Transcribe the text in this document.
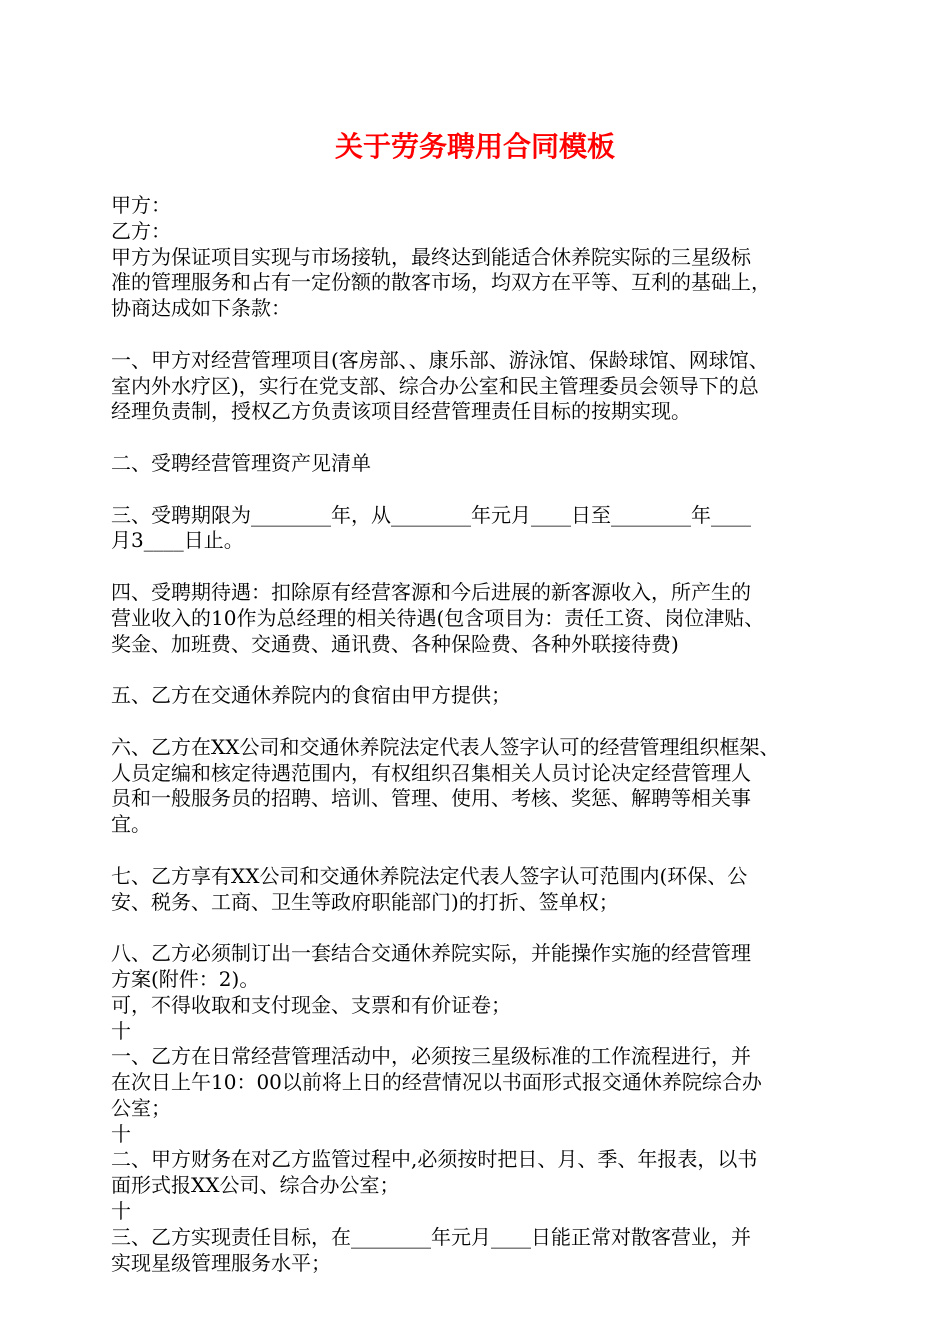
关于劳务聘用合同模板
甲方：
乙方：
甲方为保证项目实现与市场接轨，最终达到能适合休养院实际的三星级标
准的管理服务和占有一定份额的散客市场，均双方在平等、互利的基础上，
协商达成如下条款：
一、甲方对经营管理项目(客房部、、康乐部、游泳馆、保龄球馆、网球馆、
室内外水疗区)，实行在党支部、综合办公室和民主管理委员会领导下的总
经理负责制，授权乙方负责该项目经营管理责任目标的按期实现。
二、受聘经营管理资产见清单
三、受聘期限为________年，从________年元月____日至________年____
月3____日止。
四、受聘期待遇：扣除原有经营客源和今后进展的新客源收入，所产生的
营业收入的10作为总经理的相关待遇(包含项目为：责任工资、岗位津贴、
奖金、加班费、交通费、通讯费、各种保险费、各种外联接待费)
五、乙方在交通休养院内的食宿由甲方提供；
六、乙方在XX公司和交通休养院法定代表人签字认可的经营管理组织框架、
人员定编和核定待遇范围内，有权组织召集相关人员讨论决定经营管理人
员和一般服务员的招聘、培训、管理、使用、考核、奖惩、解聘等相关事
宜。
七、乙方享有XX公司和交通休养院法定代表人签字认可范围内(环保、公
安、税务、工商、卫生等政府职能部门)的打折、签单权；
八、乙方必须制订出一套结合交通休养院实际，并能操作实施的经营管理
方案(附件：2)。
可，不得收取和支付现金、支票和有价证卷；
十
一、乙方在日常经营管理活动中，必须按三星级标准的工作流程进行，并
在次日上午10：00以前将上日的经营情况以书面形式报交通休养院综合办
公室；
十
二、甲方财务在对乙方监管过程中,必须按时把日、月、季、年报表，以书
面形式报XX公司、综合办公室；
十
三、乙方实现责任目标，在________年元月____日能正常对散客营业，并
实现星级管理服务水平；
